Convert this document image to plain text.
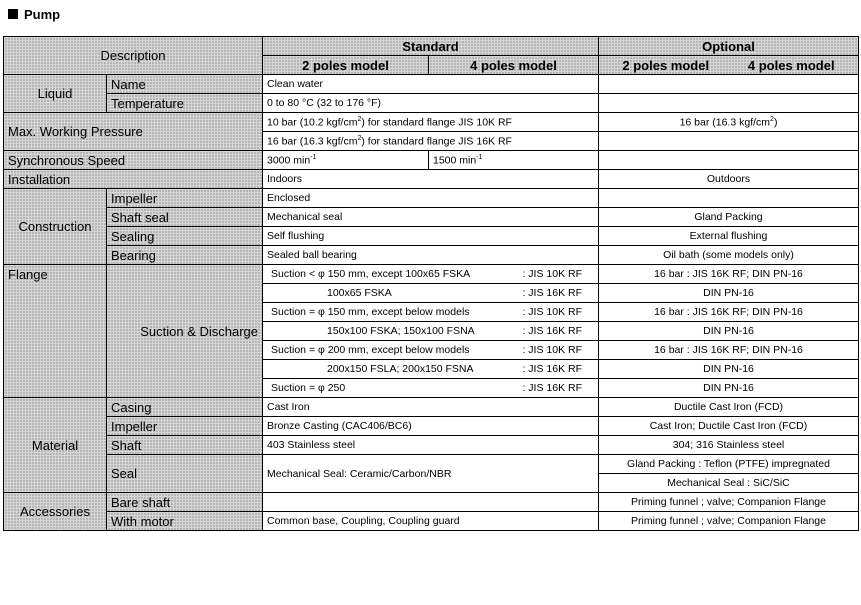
Pump
Description		Standard		Optional
		2 poles model	4 poles model	2 poles model 4 poles model

Liquid	Name	Clean water		
	Temperature	0 to 80 °C (32 to 176 °F)		
Max. Working Pressure		10 bar (10.2 kgf/$cm^2$) for standard flange JIS 10K RF		16 bar (16.3 kgf/$cm^2$)
		16 bar (16.3 kgf/$cm^2$) for standard flange JIS 16K RF		
Synchronous Speed		3000 $\min^{-1}$	1500 $\min^{-1}$	
Installation		Indoors		Outdoors
Construction	Impeller	Enclosed		
	Shaft seal	Mechanical seal		Gland Packing
	Sealing	Self flushing		External flushing
	Bearing	Sealed ball bearing		Oil bath (some models only)
Flange	Suction & Discharge	Suction < φ 150 mm, except 100x65 FSKA : JIS 10K RF		16 bar : JIS 16K RF; DIN PN-16

		100x65 FSKA : JIS 16K RF		DIN PN-16

		Suction = φ 150 mm, except below models : JIS 10K RF		16 bar : JIS 16K RF; DIN PN-16

		150x100 FSKA; 150x100 FSNA : JIS 16K RF		DIN PN-16

		Suction = φ 200 mm, except below models : JIS 10K RF		16 bar : JIS 16K RF; DIN PN-16

		200x150 FSLA; 200x150 FSNA : JIS 16K RF		DIN PN-16

		Suction = φ 250 : JIS 16K RF		DIN PN-16
Material	Casing	Cast Iron		Ductile Cast Iron (FCD)
	Impeller	Bronze Casting (CAC406/BC6)		Cast Iron; Ductile Cast Iron (FCD)
	Shaft	403 Stainless steel		304; 316 Stainless steel
	Seal	Mechanical Seal: Ceramic/Carbon/NBR		Gland Packing : Teflon (PTFE) impregnated
				Mechanical Seal : SiC/SiC
Accessories	Bare shaft			Priming funnel ; valve; Companion Flange
	With motor	Common base, Coupling, Coupling guard		Priming funnel ; valve; Companion Flange
